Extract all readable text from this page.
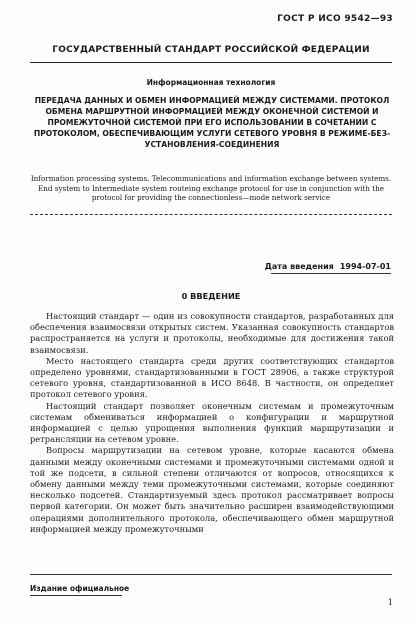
ГОСТ Р ИСО 9542—93
ГОСУДАРСТВЕННЫЙ СТАНДАРТ РОССИЙСКОЙ ФЕДЕРАЦИИ
Информационная технология
ПЕРЕДАЧА ДАННЫХ И ОБМЕН ИНФОРМАЦИЕЙ МЕЖДУ СИСТЕМАМИ. ПРОТОКОЛ ОБМЕНА МАРШРУТНОЙ ИНФОРМАЦИЕЙ МЕЖДУ ОКОНЕЧНОЙ СИСТЕМОЙ И ПРОМЕЖУТОЧНОЙ СИСТЕМОЙ ПРИ ЕГО ИСПОЛЬЗОВАНИИ В СОЧЕТАНИИ С ПРОТОКОЛОМ, ОБЕСПЕЧИВАЮЩИМ УСЛУГИ СЕТЕВОГО УРОВНЯ В РЕЖИМЕ-БЕЗ-УСТАНОВЛЕНИЯ-СОЕДИНЕНИЯ
Information processing systems. Telecommunications and information exchange between systems. End system to Intermediate system routeing exchange protocol for use in conjunction with the protocol for providing the connectionless—mode network service
Дата введения 1994-07-01
0 ВВЕДЕНИЕ

Настоящий стандарт — один из совокупности стандартов, разработанных для обеспечения взаимосвязи открытых систем. Указанная совокупность стандартов распространяется на услуги и протоколы, необходимые для достижения такой взаимосвязи.

Место настоящего стандарта среди других соответствующих стандартов определено уровнями, стандартизованными в ГОСТ 28906, а также структурой сетевого уровня, стандартизованной в ИСО 8648. В частности, он определяет протокол сетевого уровня.

Настоящий стандарт позволяет оконечным системам и промежуточным системам обмениваться информацией о конфигурации и маршрутной информацией с целью упрощения выполнения функций маршрутизации и ретрансляции на сетевом уровне.

Вопросы маршрутизации на сетевом уровне, которые касаются обмена данными между оконечными системами и промежуточными системами одной и той же подсети, в сильной степени отличаются от вопросов, относящихся к обмену данными между теми промежуточными системами, которые соединяют несколько подсетей. Стандартизуемый здесь протокол рассматривает вопросы первой категории. Он может быть значительно расширен взаимодействующими операциями дополнительного протокола, обеспечивающего обмен маршрутной информацией между промежуточными

Издание официальное
1
